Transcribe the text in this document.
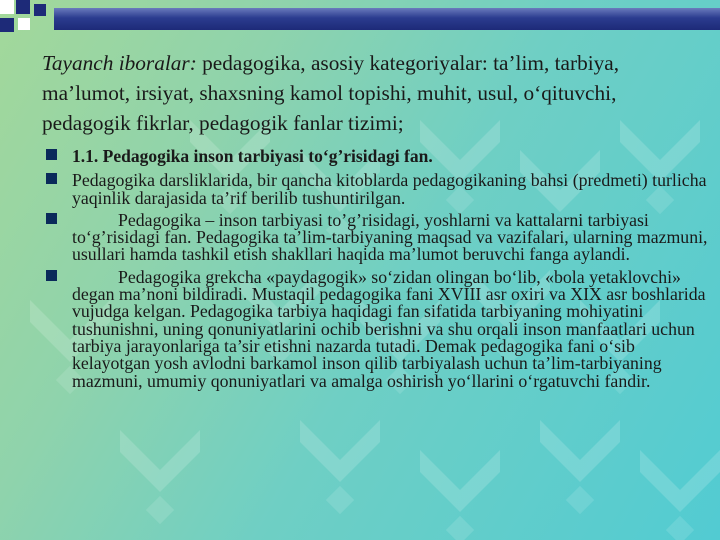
Tayanch iboralar: pedagogika, asosiy kategoriyalar: ta’lim, tarbiya, ma’lumot, irsiyat, shaxsning kamol topishi, muhit, usul, o‘qituvchi, pedagogik fikrlar, pedagogik fanlar tizimi;

1.1. Pedagogika inson tarbiyasi to‘g’risidagi fan.
Pedagogika darsliklarida, bir qancha kitoblarda pedagogikaning bahsi (predmeti) turlicha yaqinlik darajasida ta’rif berilib tushuntirilgan.
Pedagogika – inson tarbiyasi to’g’risidagi, yoshlarni va kattalarni tarbiyasi to‘g’risidagi fan. Pedagogika ta’lim-tarbiyaning maqsad va vazifalari, ularning mazmuni, usullari hamda tashkil etish shakllari haqida ma’lumot beruvchi fanga aylandi.
Pedagogika grekcha «paydagogik» so‘zidan olingan bo‘lib, «bola yetaklovchi» degan ma’noni bildiradi. Mustaqil pedagogika fani XVIII asr oxiri va XIX asr boshlarida vujudga kelgan. Pedagogika tarbiya haqidagi fan sifatida tarbiyaning mohiyatini tushunishni, uning qonuniyatlarini ochib berishni va shu orqali inson manfaatlari uchun tarbiya jarayonlariga ta’sir etishni nazarda tutadi. Demak pedagogika fani o‘sib kelayotgan yosh avlodni barkamol inson qilib tarbiyalash uchun ta’lim-tarbiyaning mazmuni, umumiy qonuniyatlari va amalga oshirish yo‘llarini o‘rgatuvchi fandir.
